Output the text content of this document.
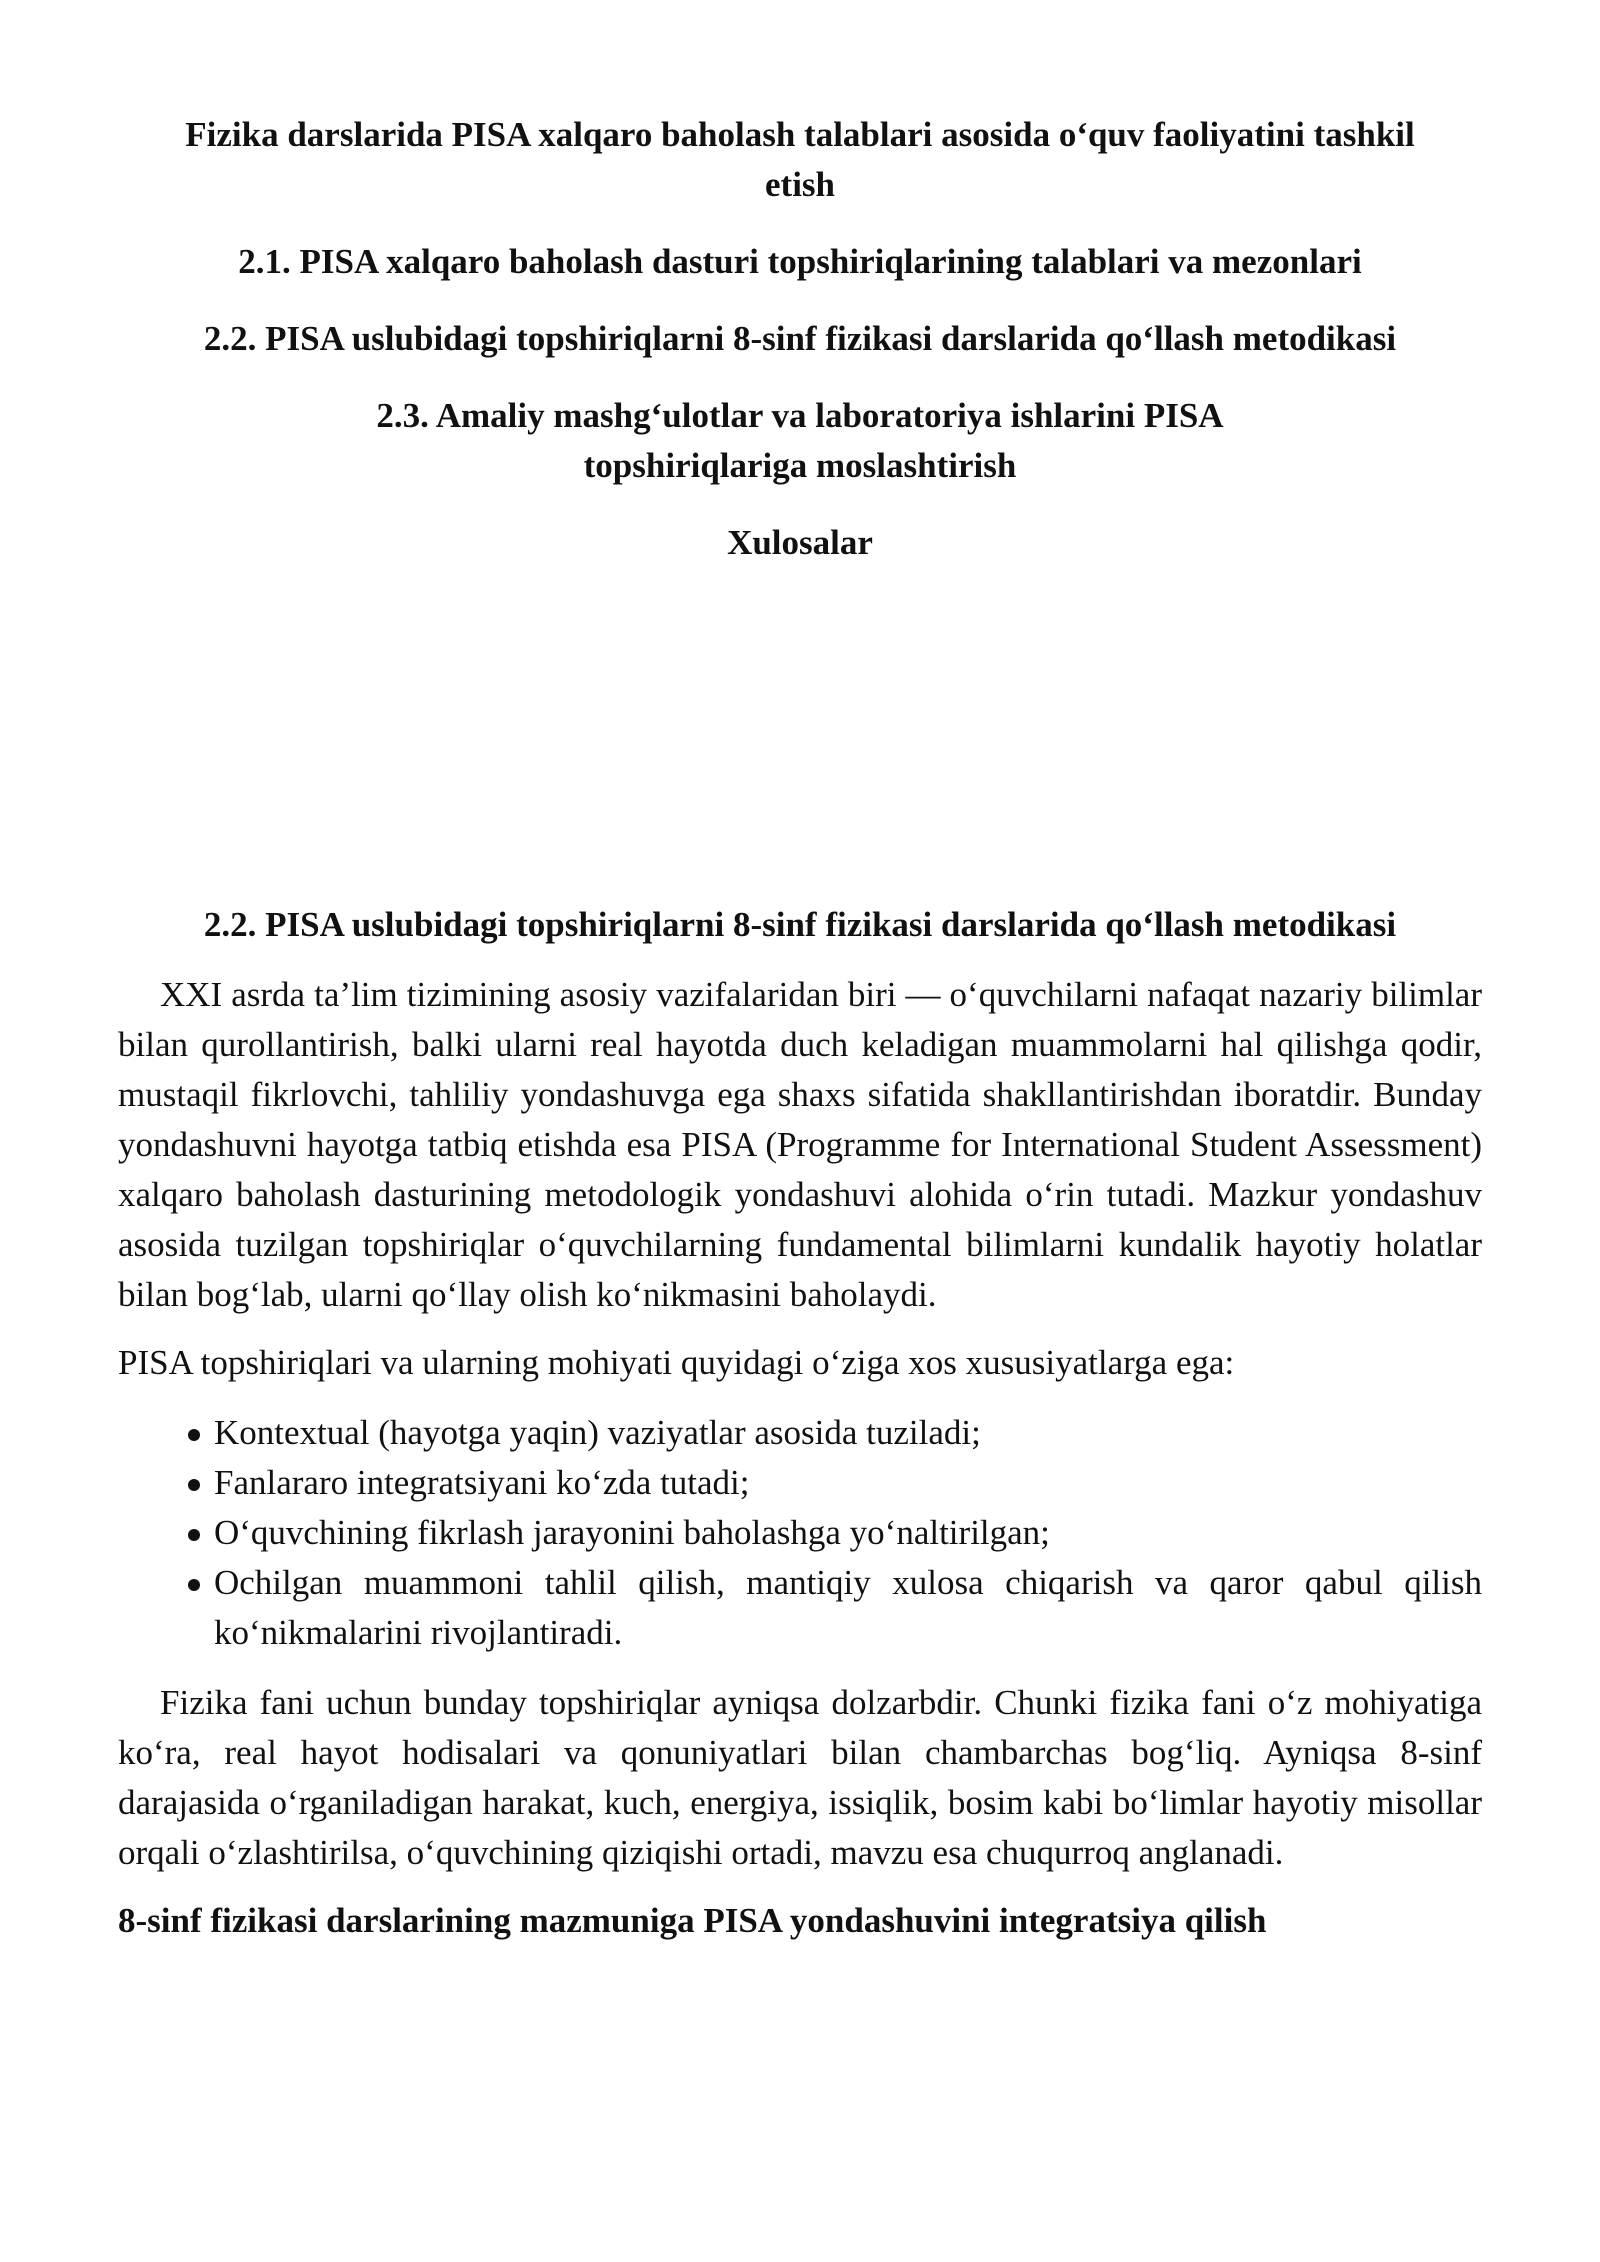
Fizika darslarida PISA xalqaro baholash talablari asosida o‘quv faoliyatini tashkil etish
2.1. PISA xalqaro baholash dasturi topshiriqlarining talablari va mezonlari
2.2. PISA uslubidagi topshiriqlarni 8-sinf fizikasi darslarida qo‘llash metodikasi
2.3. Amaliy mashg‘ulotlar va laboratoriya ishlarini PISA topshiriqlariga moslashtirish
Xulosalar
2.2. PISA uslubidagi topshiriqlarni 8-sinf fizikasi darslarida qo‘llash metodikasi

XXI asrda ta’lim tizimining asosiy vazifalaridan biri — o‘quvchilarni nafaqat nazariy bilimlar bilan qurollantirish, balki ularni real hayotda duch keladigan muammolarni hal qilishga qodir, mustaqil fikrlovchi, tahliliy yondashuvga ega shaxs sifatida shakllantirishdan iboratdir. Bunday yondashuvni hayotga tatbiq etishda esa PISA (Programme for International Student Assessment) xalqaro baholash dasturining metodologik yondashuvi alohida o‘rin tutadi. Mazkur yondashuv asosida tuzilgan topshiriqlar o‘quvchilarning fundamental bilimlarni kundalik hayotiy holatlar bilan bog‘lab, ularni qo‘llay olish ko‘nikmasini baholaydi.

PISA topshiriqlari va ularning mohiyati quyidagi o‘ziga xos xususiyatlarga ega:

Kontextual (hayotga yaqin) vaziyatlar asosida tuziladi;
Fanlararo integratsiyani ko‘zda tutadi;
O‘quvchining fikrlash jarayonini baholashga yo‘naltirilgan;
Ochilgan muammoni tahlil qilish, mantiqiy xulosa chiqarish va qaror qabul qilish ko‘nikmalarini rivojlantiradi.

Fizika fani uchun bunday topshiriqlar ayniqsa dolzarbdir. Chunki fizika fani o‘z mohiyatiga ko‘ra, real hayot hodisalari va qonuniyatlari bilan chambarchas bog‘liq. Ayniqsa 8-sinf darajasida o‘rganiladigan harakat, kuch, energiya, issiqlik, bosim kabi bo‘limlar hayotiy misollar orqali o‘zlashtirilsa, o‘quvchining qiziqishi ortadi, mavzu esa chuqurroq anglanadi.

8-sinf fizikasi darslarining mazmuniga PISA yondashuvini integratsiya qilish
